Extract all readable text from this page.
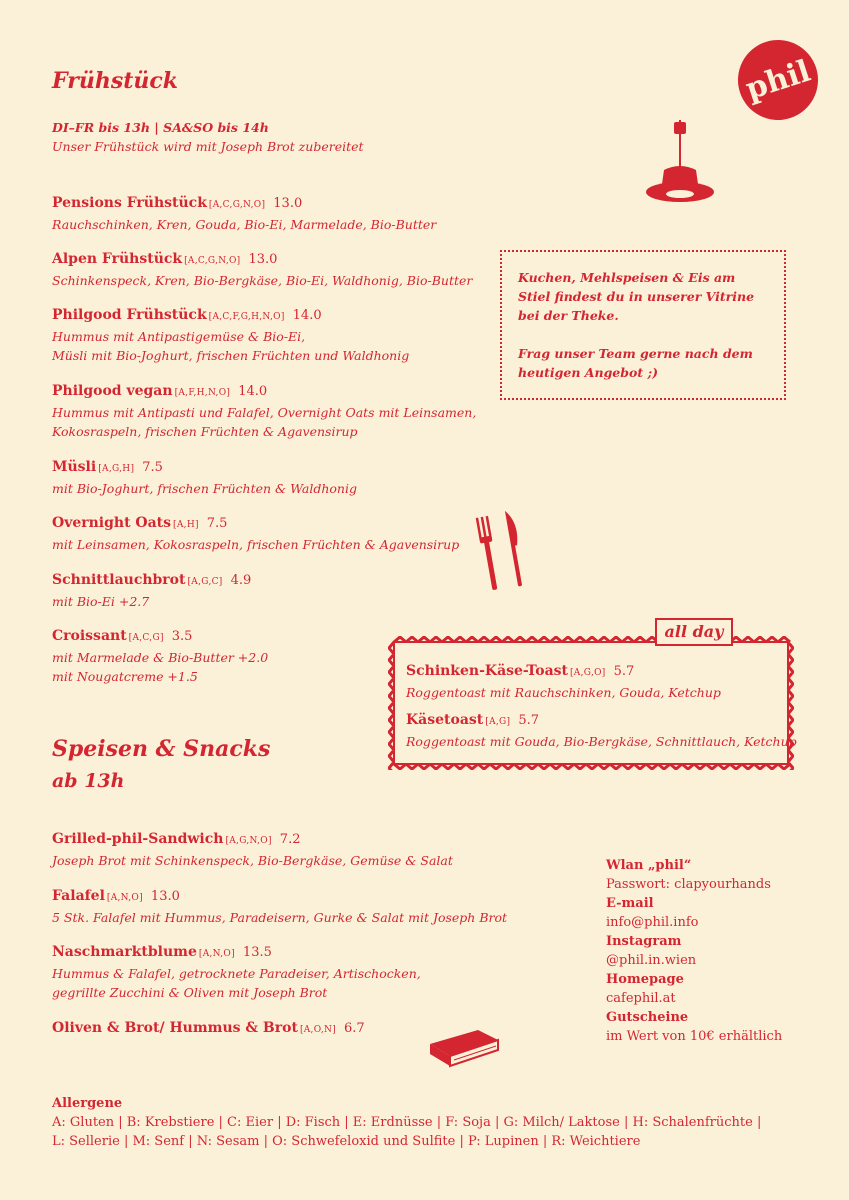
phil
Frühstück
DI–FR bis 13h | SA&SO bis 14h
Unser Frühstück wird mit Joseph Brot zubereitet
Pensions Frühstück [A,C,G,N,O] 13.0
Rauchschinken, Kren, Gouda, Bio-Ei, Marmelade, Bio-Butter
Alpen Frühstück [A,C,G,N,O] 13.0
Schinkenspeck, Kren, Bio-Bergkäse, Bio-Ei, Waldhonig, Bio-Butter
Philgood Frühstück [A,C,F,G,H,N,O] 14.0
Hummus mit Antipastigemüse & Bio-Ei,
Müsli mit Bio-Joghurt, frischen Früchten und Waldhonig
Philgood vegan [A,F,H,N,O] 14.0
Hummus mit Antipasti und Falafel, Overnight Oats mit Leinsamen,
Kokosraspeln, frischen Früchten & Agavensirup
Müsli [A,G,H] 7.5
mit Bio-Joghurt, frischen Früchten & Waldhonig
Overnight Oats [A,H] 7.5
mit Leinsamen, Kokosraspeln, frischen Früchten & Agavensirup
Schnittlauchbrot [A,G,C] 4.9
mit Bio-Ei +2.7
Croissant [A,C,G] 3.5
mit Marmelade & Bio-Butter +2.0
mit Nougatcreme +1.5
Kuchen, Mehlspeisen & Eis am Stiel findest du in unserer Vitrine bei der Theke.
Frag unser Team gerne nach dem heutigen Angebot ;)
all day
Schinken-Käse-Toast [A,G,O] 5.7
Roggentoast mit Rauchschinken, Gouda, Ketchup
Käsetoast [A,G] 5.7
Roggentoast mit Gouda, Bio-Bergkäse, Schnittlauch, Ketchup
Speisen & Snacks
ab 13h
Grilled-phil-Sandwich [A,G,N,O] 7.2
Joseph Brot mit Schinkenspeck, Bio-Bergkäse, Gemüse & Salat
Falafel [A,N,O] 13.0
5 Stk. Falafel mit Hummus, Paradeisern, Gurke & Salat mit Joseph Brot
Naschmarktblume [A,N,O] 13.5
Hummus & Falafel, getrocknete Paradeiser, Artischocken,
gegrillte Zucchini & Oliven mit Joseph Brot
Oliven & Brot/ Hummus & Brot [A,O,N] 6.7
Wlan „phil“
Passwort: clapyourhands
E-mail
info@phil.info
Instagram
@phil.in.wien
Homepage
cafephil.at
Gutscheine
im Wert von 10€ erhältlich
Allergene
A: Gluten | B: Krebstiere | C: Eier | D: Fisch | E: Erdnüsse | F: Soja | G: Milch/ Laktose | H: Schalenfrüchte |
L: Sellerie | M: Senf | N: Sesam | O: Schwefeloxid und Sulfite | P: Lupinen | R: Weichtiere
